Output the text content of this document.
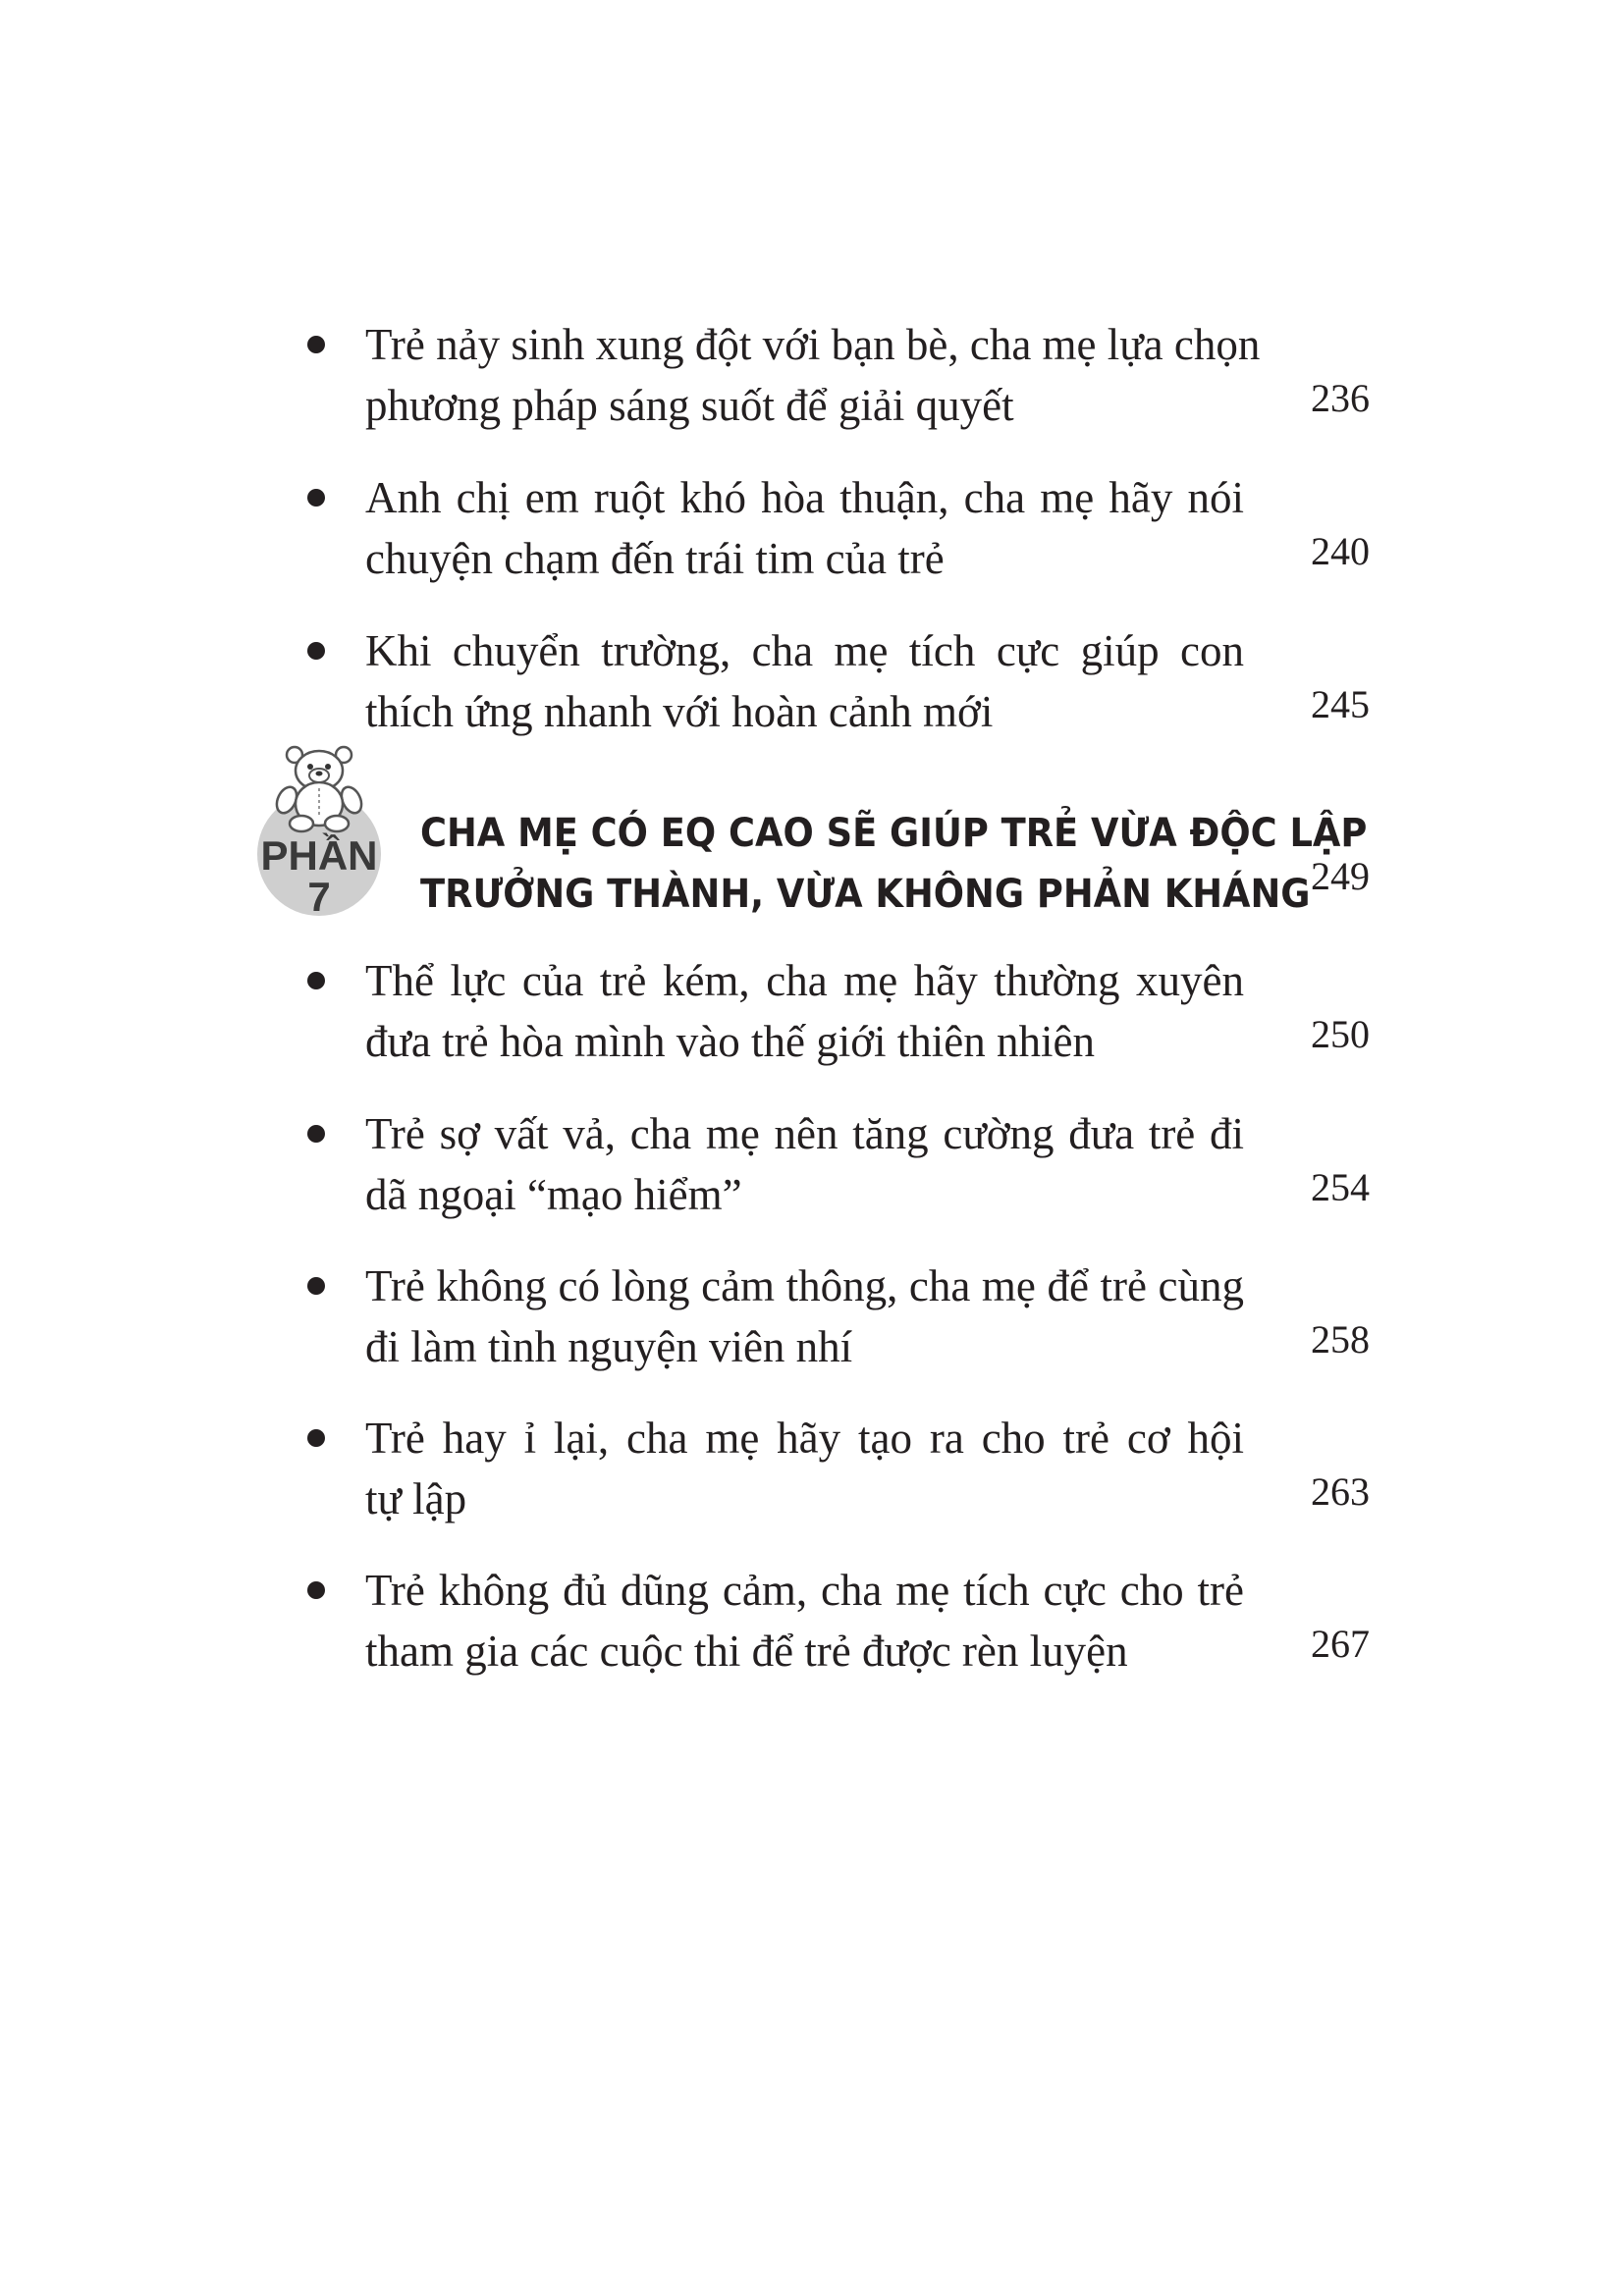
Trẻ nảy sinh xung đột với bạn bè, cha mẹ lựa chọn
phương pháp sáng suốt để giải quyết	236
Anh chị em ruột khó hòa thuận, cha mẹ hãy nói
chuyện chạm đến trái tim của trẻ	240
Khi chuyển trường, cha mẹ tích cực giúp con
thích ứng nhanh với hoàn cảnh mới	245
PHẦN
7
CHA MẸ CÓ EQ CAO SẼ GIÚP TRẺ VỪA ĐỘC LẬP
TRƯỞNG THÀNH, VỪA KHÔNG PHẢN KHÁNG 249
Thể lực của trẻ kém, cha mẹ hãy thường xuyên
đưa trẻ hòa mình vào thế giới thiên nhiên	250
Trẻ sợ vất vả, cha mẹ nên tăng cường đưa trẻ đi
dã ngoại “mạo hiểm”	254
Trẻ không có lòng cảm thông, cha mẹ để trẻ cùng
đi làm tình nguyện viên nhí	258
Trẻ hay ỉ lại, cha mẹ hãy tạo ra cho trẻ cơ hội
tự lập	263
Trẻ không đủ dũng cảm, cha mẹ tích cực cho trẻ
tham gia các cuộc thi để trẻ được rèn luyện	267
